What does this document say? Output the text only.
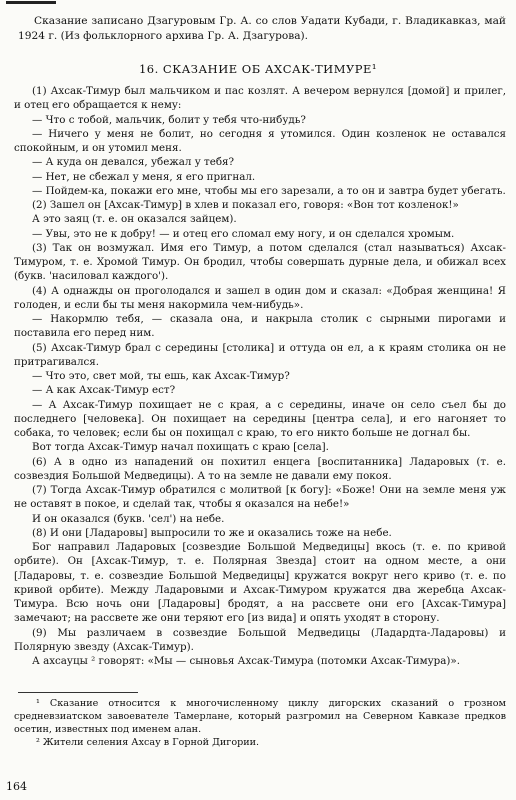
Сказание записано Дзагуровым Гр. А. со слов Уадати Кубади, г. Владикавказ, май 1924 г. (Из фольклорного архива Гр. А. Дзагурова).

16. СКАЗАНИЕ ОБ АХСАК-ТИМУРЕ¹

(1) Ахсак-Тимур был мальчиком и пас козлят. А вечером вернулся [домой] и прилег, и отец его обращается к нему:

— Что с тобой, мальчик, болит у тебя что-нибудь?

— Ничего у меня не болит, но сегодня я утомился. Один козленок не оставался спокойным, и он утомил меня.

— А куда он девался, убежал у тебя?

— Нет, не сбежал у меня, я его пригнал.

— Пойдем-ка, покажи его мне, чтобы мы его зарезали, а то он и завтра будет убегать.

(2) Зашел он [Ахсак-Тимур] в хлев и показал его, говоря: «Вон тот козленок!»

А это заяц (т. е. он оказался зайцем).

— Увы, это не к добру! — и отец его сломал ему ногу, и он сделался хромым.

(3) Так он возмужал. Имя его Тимур, а потом сделался (стал называться) Ахсак-Тимуром, т. е. Хромой Тимур. Он бродил, чтобы совершать дурные дела, и обижал всех (букв. 'насиловал каждого').

(4) А однажды он проголодался и зашел в один дом и сказал: «Добрая женщина! Я голоден, и если бы ты меня накормила чем-нибудь».

— Накормлю тебя, — сказала она, и накрыла столик с сырными пирогами и поставила его перед ним.

(5) Ахсак-Тимур брал с середины [столика] и оттуда он ел, а к краям столика он не притрагивался.

— Что это, свет мой, ты ешь, как Ахсак-Тимур?

— А как Ахсак-Тимур ест?

— А Ахсак-Тимур похищает не с края, а с середины, иначе он село съел бы до последнего [человека]. Он похищает на середины [центра села], и его нагоняет то собака, то человек; если бы он похищал с краю, то его никто больше не догнал бы.

Вот тогда Ахсак-Тимур начал похищать с краю [села].

(6) А в одно из нападений он похитил енцега [воспитанника] Ладаровых (т. е. созвездия Большой Медведицы). А то на земле не давали ему покоя.

(7) Тогда Ахсак-Тимур обратился с молитвой [к богу]: «Боже! Они на земле меня уж не оставят в покое, и сделай так, чтобы я оказался на небе!»

И он оказался (букв. 'сел') на небе.

(8) И они [Ладаровы] выпросили то же и оказались тоже на небе.

Бог направил Ладаровых [созвездие Большой Медведицы] вкось (т. е. по кривой орбите). Он [Ахсак-Тимур, т. е. Полярная Звезда] стоит на одном месте, а они [Ладаровы, т. е. созвездие Большой Медведицы] кружатся вокруг него криво (т. е. по кривой орбите). Между Ладаровыми и Ахсак-Тимуром кружатся два жеребца Ахсак-Тимура. Всю ночь они [Ладаровы] бродят, а на рассвете они его [Ахсак-Тимура] замечают; на рассвете же они теряют его [из вида] и опять уходят в сторону.

(9) Мы различаем в созвездие Большой Медведицы (Ладардта-Ладаровы) и Полярную звезду (Ахсак-Тимур).

А ахсауцы ² говорят: «Мы — сыновья Ахсак-Тимура (потомки Ахсак-Тимура)».

¹ Сказание относится к многочисленному циклу дигорских сказаний о грозном средневзиатском завоевателе Тамерлане, который разгромил на Северном Кавказе предков осетин, известных под именем алан.

² Жители селения Ахсау в Горной Дигории.

164
